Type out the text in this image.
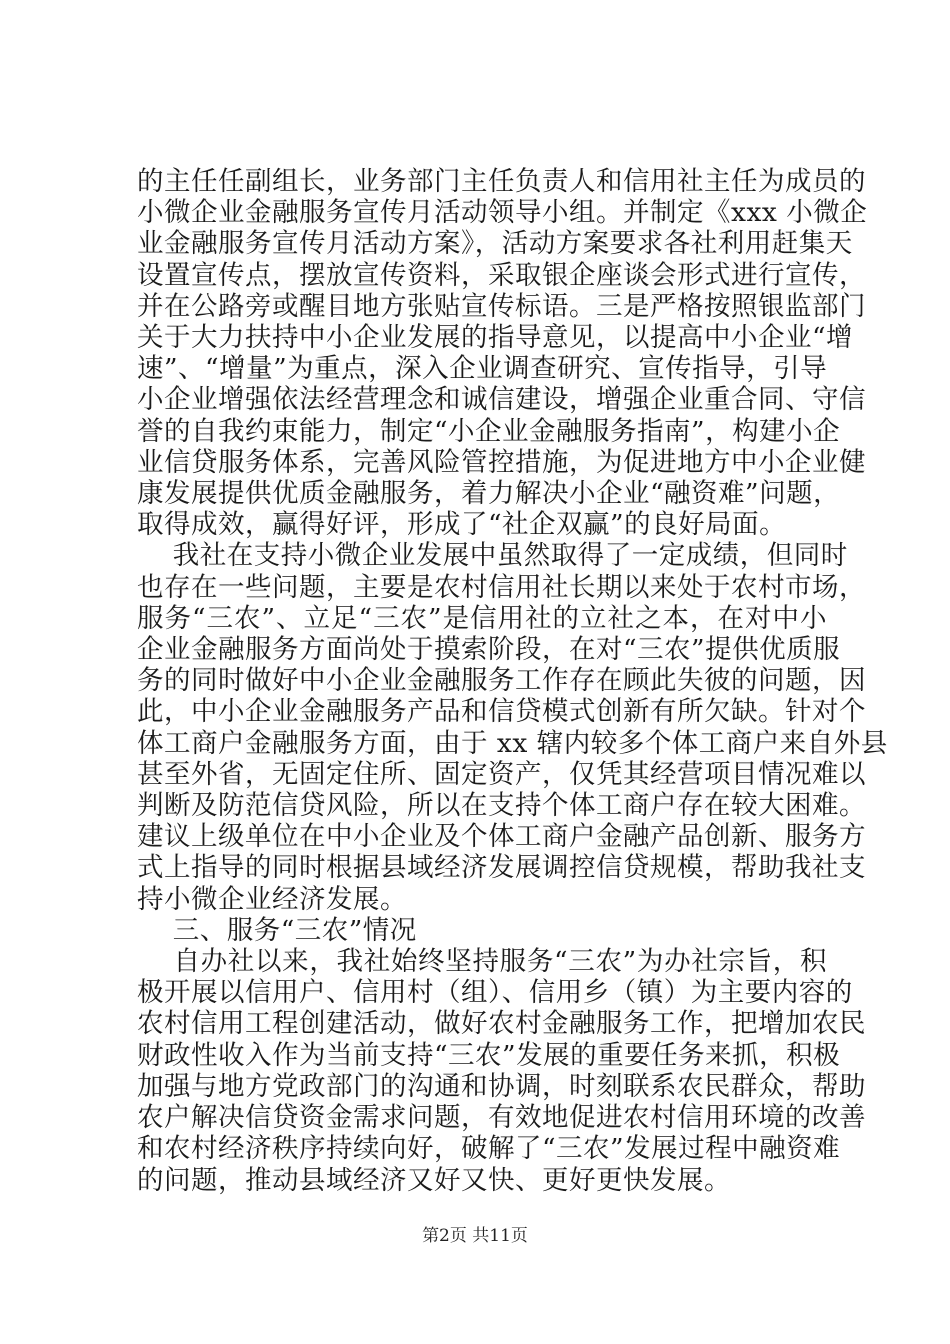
的主任任副组长，业务部门主任负责人和信用社主任为成员的
小微企业金融服务宣传月活动领导小组。并制定《xxx 小微企
业金融服务宣传月活动方案》，活动方案要求各社利用赶集天
设置宣传点，摆放宣传资料，采取银企座谈会形式进行宣传，
并在公路旁或醒目地方张贴宣传标语。三是严格按照银监部门
关于大力扶持中小企业发展的指导意见，以提高中小企业“增
速”、“增量”为重点，深入企业调查研究、宣传指导，引导
小企业增强依法经营理念和诚信建设，增强企业重合同、守信
誉的自我约束能力，制定“小企业金融服务指南”，构建小企
业信贷服务体系，完善风险管控措施，为促进地方中小企业健
康发展提供优质金融服务，着力解决小企业“融资难”问题，
取得成效，赢得好评，形成了“社企双赢”的良好局面。
我社在支持小微企业发展中虽然取得了一定成绩，但同时
也存在一些问题，主要是农村信用社长期以来处于农村市场，
服务“三农”、立足“三农”是信用社的立社之本，在对中小
企业金融服务方面尚处于摸索阶段，在对“三农”提供优质服
务的同时做好中小企业金融服务工作存在顾此失彼的问题，因
此，中小企业金融服务产品和信贷模式创新有所欠缺。针对个
体工商户金融服务方面，由于 xx 辖内较多个体工商户来自外县
甚至外省，无固定住所、固定资产，仅凭其经营项目情况难以
判断及防范信贷风险，所以在支持个体工商户存在较大困难。
建议上级单位在中小企业及个体工商户金融产品创新、服务方
式上指导的同时根据县域经济发展调控信贷规模，帮助我社支
持小微企业经济发展。
三、服务“三农”情况
自办社以来，我社始终坚持服务“三农”为办社宗旨，积
极开展以信用户、信用村（组）、信用乡（镇）为主要内容的
农村信用工程创建活动，做好农村金融服务工作，把增加农民
财政性收入作为当前支持“三农”发展的重要任务来抓，积极
加强与地方党政部门的沟通和协调，时刻联系农民群众，帮助
农户解决信贷资金需求问题，有效地促进农村信用环境的改善
和农村经济秩序持续向好，破解了“三农”发展过程中融资难
的问题，推动县域经济又好又快、更好更快发展。
第2页 共11页
